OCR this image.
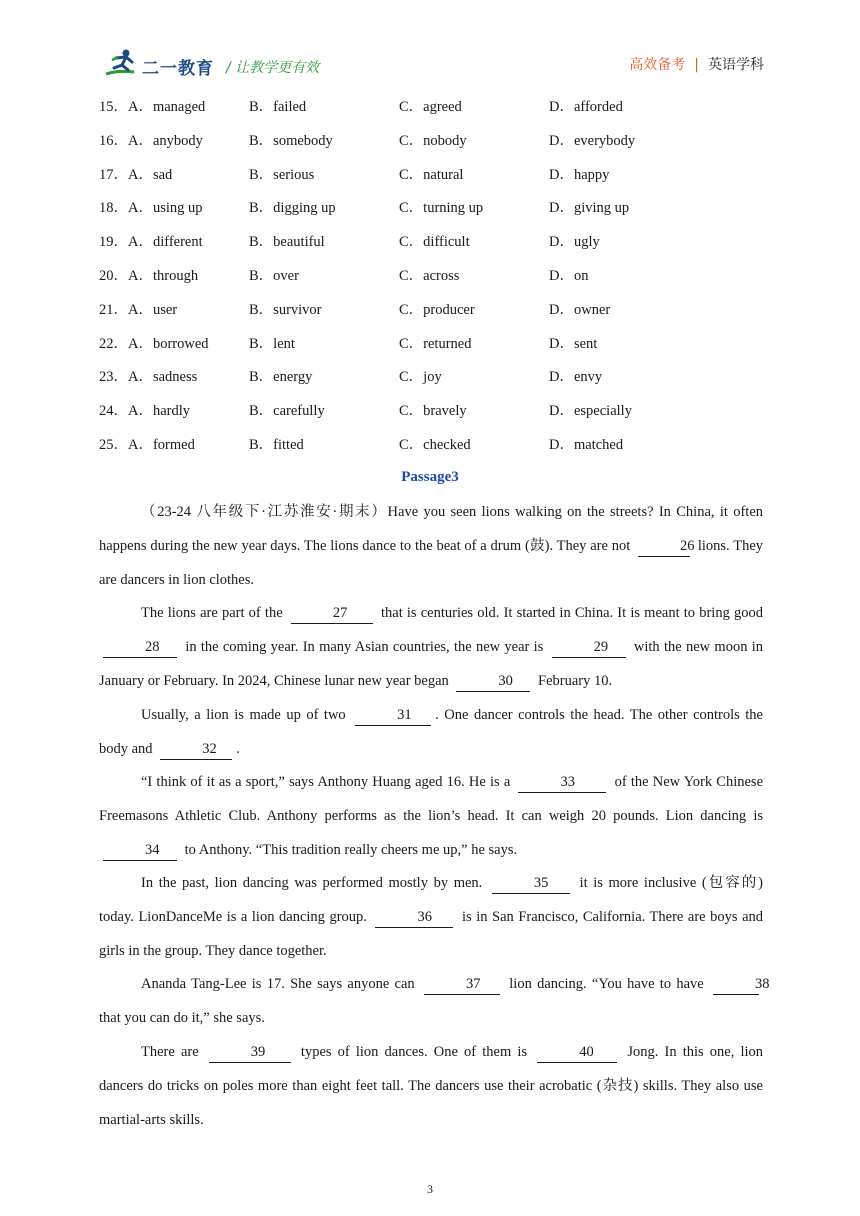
二一教育 / 让教学更有效	高效备考 | 英语学科
15．A．managed	B．failed	C．agreed	D．afforded
16．A．anybody	B．somebody	C．nobody	D．everybody
17．A．sad	B．serious	C．natural	D．happy
18．A．using up	B．digging up	C．turning up	D．giving up
19．A．different	B．beautiful	C．difficult	D．ugly
20．A．through	B．over	C．across	D．on
21．A．user	B．survivor	C．producer	D．owner
22．A．borrowed	B．lent	C．returned	D．sent
23．A．sadness	B．energy	C．joy	D．envy
24．A．hardly	B．carefully	C．bravely	D．especially
25．A．formed	B．fitted	C．checked	D．matched
Passage3
（23-24 八年级下·江苏淮安·期末）Have you seen lions walking on the streets? In China, it often happens during the new year days. The lions dance to the beat of a drum (鼓). They are not	26 lions. They are dancers in lion clothes.
The lions are part of the	27 that is centuries old. It started in China. It is meant to bring good 28 in the coming year. In many Asian countries, the new year is	29 with the new moon in January or February. In 2024, Chinese lunar new year began	30 February 10.
Usually, a lion is made up of two	31 . One dancer controls the head. The other controls the body and	32 .
“I think of it as a sport,” says Anthony Huang aged 16. He is a	33	of the New York Chinese Freemasons Athletic Club. Anthony performs as the lion’s head. It can weigh 20 pounds. Lion dancing is 34 to Anthony. “This tradition really cheers me up,” he says.
In the past, lion dancing was performed mostly by men.	35 it is more inclusive (包容的) today. LionDanceMe is a lion dancing group.	36 is in San Francisco, California. There are boys and girls in the group. They dance together.
Ananda Tang-Lee is 17. She says anyone can	37 lion dancing. “You have to have	38 that you can do it,” she says.
There are	39 types of lion dances. One of them is	40 Jong. In this one, lion dancers do tricks on poles more than eight feet tall. The dancers use their acrobatic (杂技) skills. They also use martial-arts skills.
3
